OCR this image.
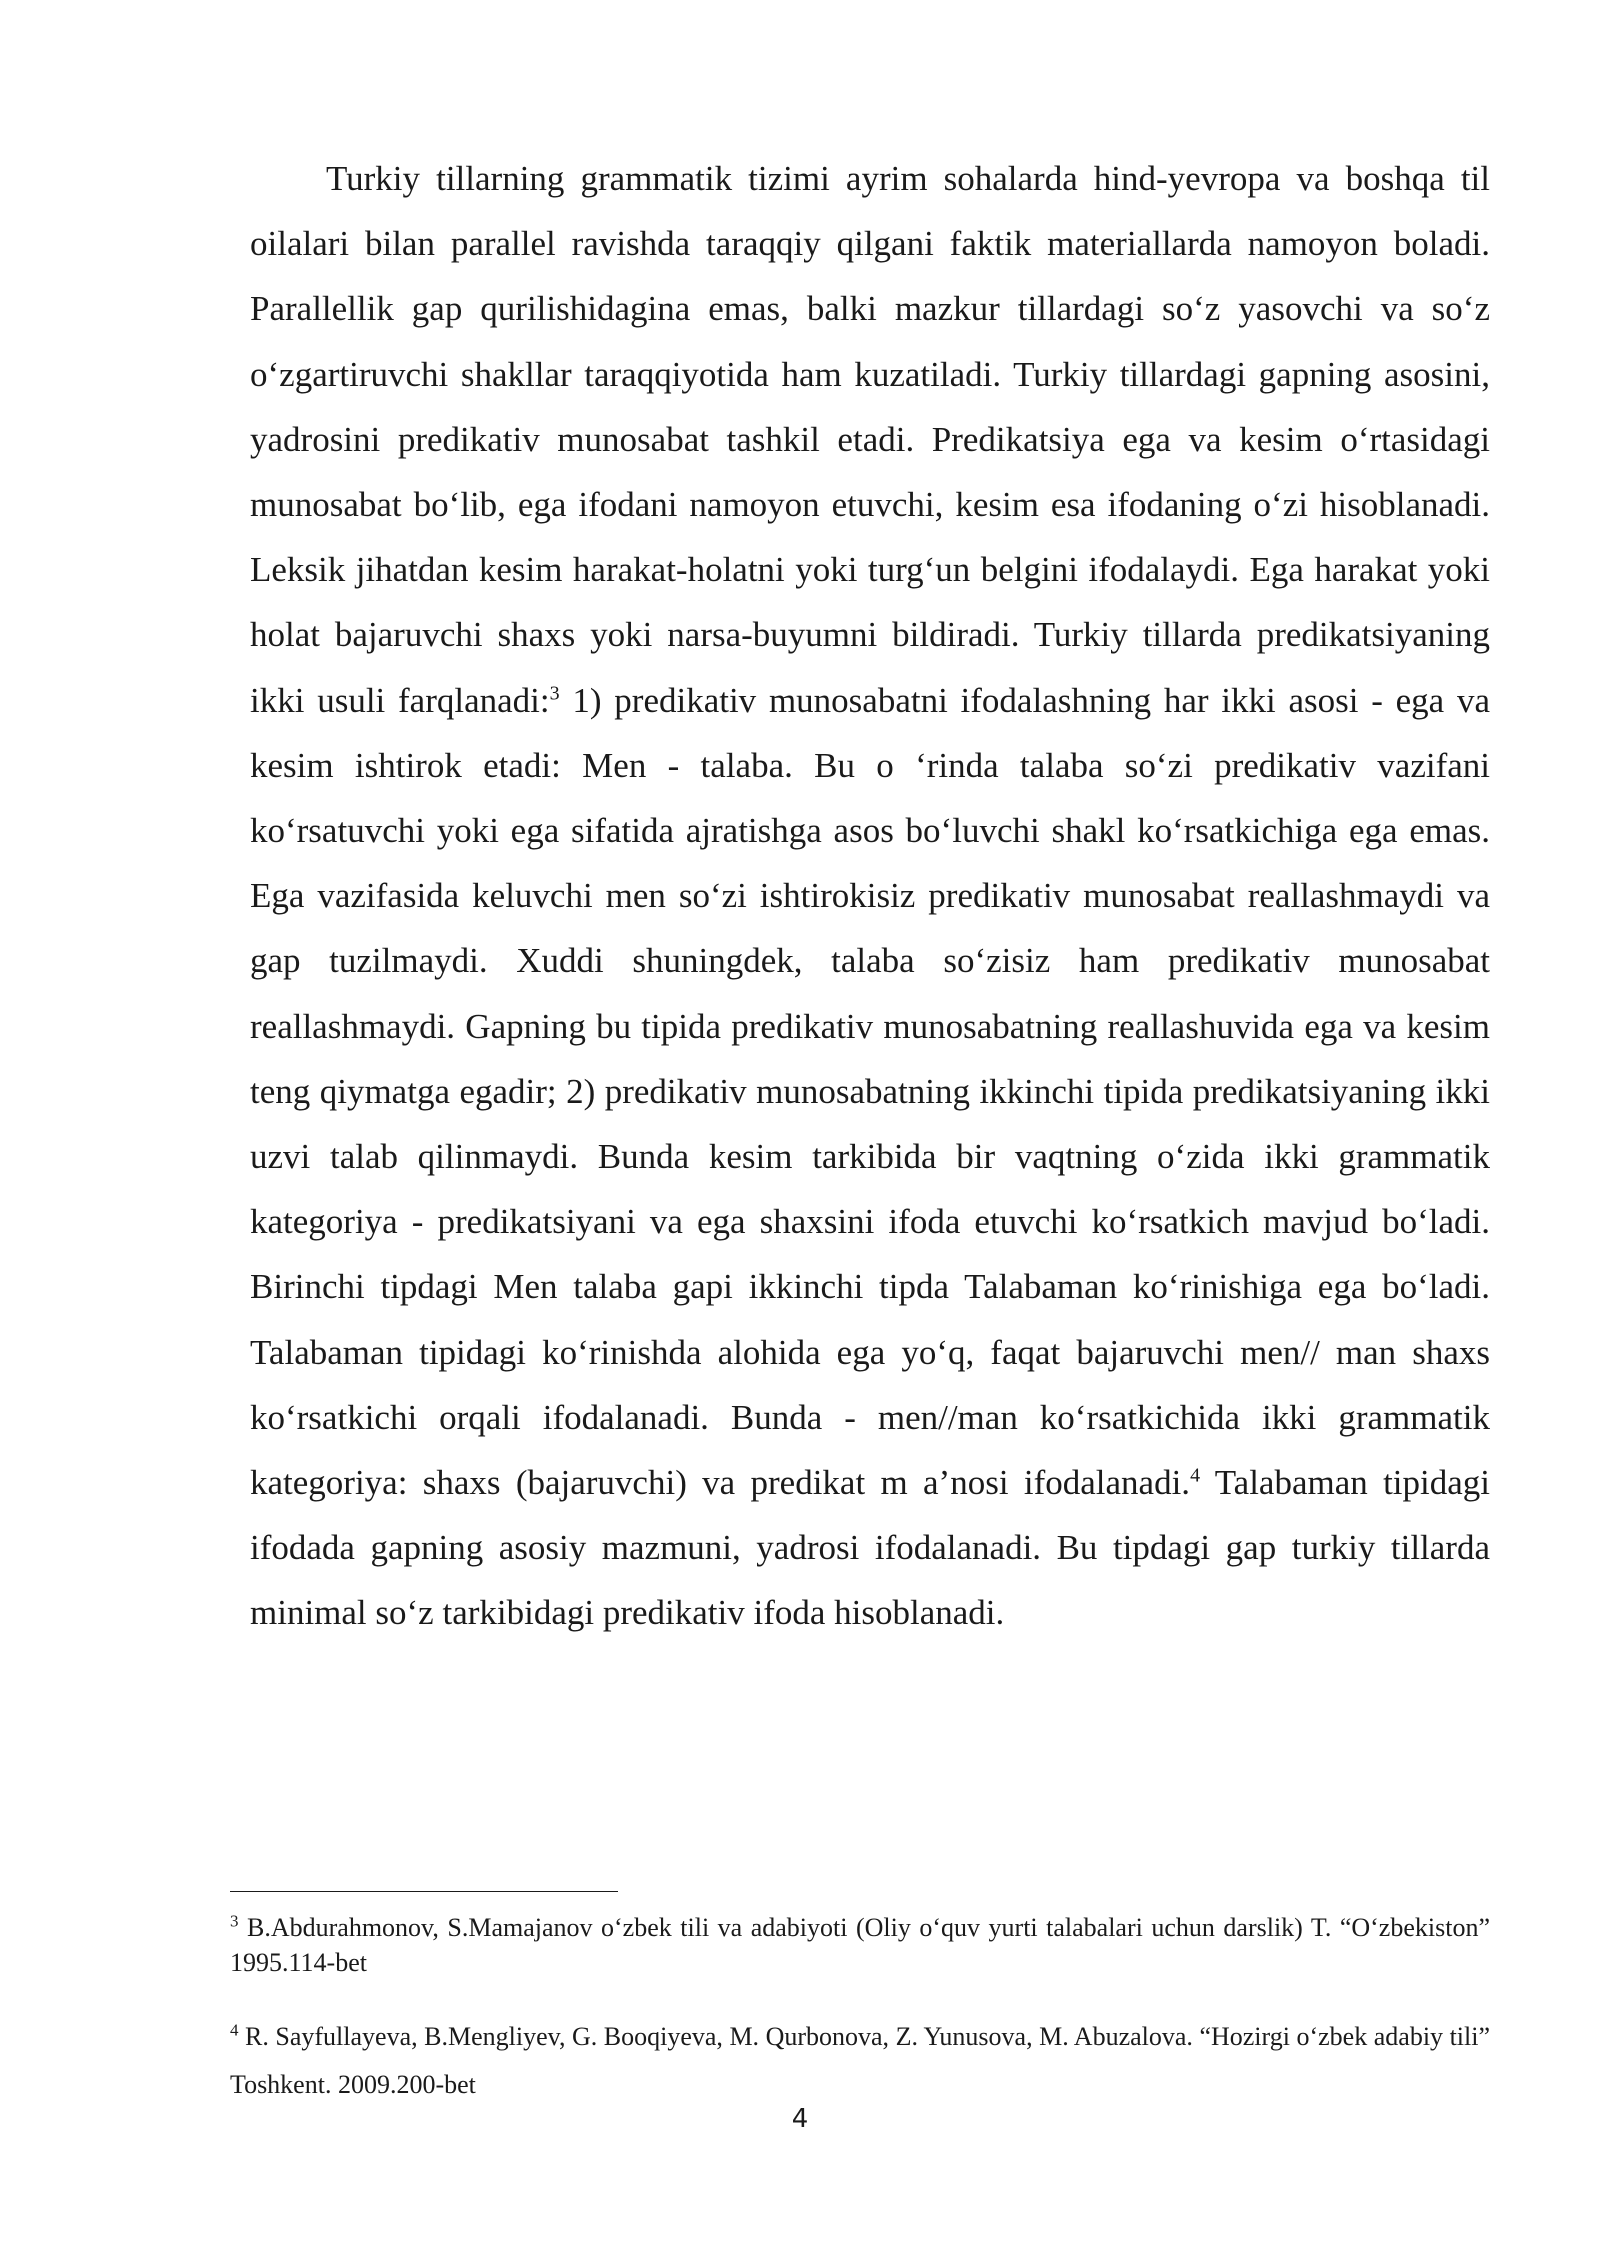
Turkiy tillarning grammatik tizimi ayrim sohalarda hind-yevropa va boshqa til oilalari bilan parallel ravishda taraqqiy qilgani faktik materiallarda namoyon boladi. Parallellik gap qurilishidagina emas, balki mazkur tillardagi so‘z yasovchi va so‘z o‘zgartiruvchi shakllar taraqqiyotida ham kuzatiladi. Turkiy tillardagi gapning asosini, yadrosini predikativ munosabat tashkil etadi. Predikatsiya ega va kesim o‘rtasidagi munosabat bo‘lib, ega ifodani namoyon etuvchi, kesim esa ifodaning o‘zi hisoblanadi. Leksik jihatdan kesim harakat-holatni yoki turg‘un belgini ifodalaydi. Ega harakat yoki holat bajaruvchi shaxs yoki narsa-buyumni bildiradi. Turkiy tillarda predikatsiyaning ikki usuli farqlanadi:$^3$ 1) predikativ munosabatni ifodalashning har ikki asosi - ega va kesim ishtirok etadi: Men - talaba. Bu o ‘rinda talaba so‘zi predikativ vazifani ko‘rsatuvchi yoki ega sifatida ajratishga asos bo‘luvchi shakl ko‘rsatkichiga ega emas. Ega vazifasida keluvchi men so‘zi ishtirokisiz predikativ munosabat reallashmaydi va gap tuzilmaydi. Xuddi shuningdek, talaba so‘zisiz ham predikativ munosabat reallashmaydi. Gapning bu tipida predikativ munosabatning reallashuvida ega va kesim teng qiymatga egadir; 2) predikativ munosabatning ikkinchi tipida predikatsiyaning ikki uzvi talab qilinmaydi. Bunda kesim tarkibida bir vaqtning o‘zida ikki grammatik kategoriya - predikatsiyani va ega shaxsini ifoda etuvchi ko‘rsatkich mavjud bo‘ladi. Birinchi tipdagi Men talaba gapi ikkinchi tipda Talabaman ko‘rinishiga ega bo‘ladi. Talabaman tipidagi ko‘rinishda alohida ega yo‘q, faqat bajaruvchi men// man shaxs ko‘rsatkichi orqali ifodalanadi. Bunda - men//man ko‘rsatkichida ikki grammatik kategoriya: shaxs (bajaruvchi) va predikat m a’nosi ifodalanadi.$^4$ Talabaman tipidagi ifodada gapning asosiy mazmuni, yadrosi ifodalanadi. Bu tipdagi gap turkiy tillarda minimal so‘z tarkibidagi predikativ ifoda hisoblanadi.

$^3$ B.Abdurahmonov, S.Mamajanov o‘zbek tili va adabiyoti (Oliy o‘quv yurti talabalari uchun darslik) T. “O‘zbekiston” 1995.114-bet

$^4$ R. Sayfullayeva, B.Mengliyev, G. Booqiyeva, M. Qurbonova, Z. Yunusova, M. Abuzalova. “Hozirgi o‘zbek adabiy tili” Toshkent. 2009.200-bet

4
